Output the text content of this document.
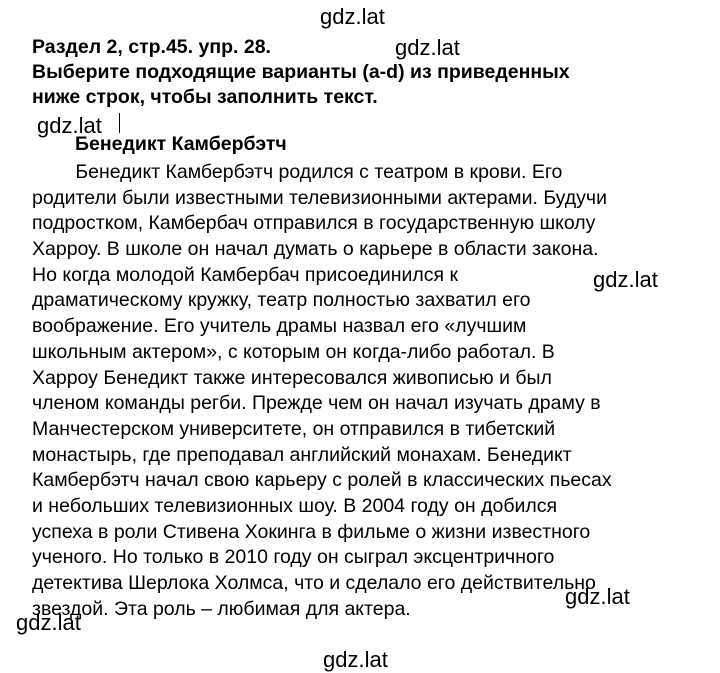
gdz.lat
gdz.lat
gdz.lat
gdz.lat
gdz.lat
gdz.lat
gdz.lat
Раздел 2, стр.45. упр. 28.
Выберите подходящие варианты (a-d) из приведенных
ниже строк, чтобы заполнить текст.
Бенедикт Камбербэтч
Бенедикт Камбербэтч родился с театром в крови. Его
родители были известными телевизионными актерами. Будучи
подростком, Камбербач отправился в государственную школу
Харроу. В школе он начал думать о карьере в области закона.
Но когда молодой Камбербач присоединился к
драматическому кружку, театр полностью захватил его
воображение. Его учитель драмы назвал его «лучшим
школьным актером», с которым он когда-либо работал. В
Харроу Бенедикт также интересовался живописью и был
членом команды регби. Прежде чем он начал изучать драму в
Манчестерском университете, он отправился в тибетский
монастырь, где преподавал английский монахам. Бенедикт
Камбербэтч начал свою карьеру с ролей в классических пьесах
и небольших телевизионных шоу. В 2004 году он добился
успеха в роли Стивена Хокинга в фильме о жизни известного
ученого. Но только в 2010 году он сыграл эксцентричного
детектива Шерлока Холмса, что и сделало его действительно
звездой. Эта роль – любимая для актера.
